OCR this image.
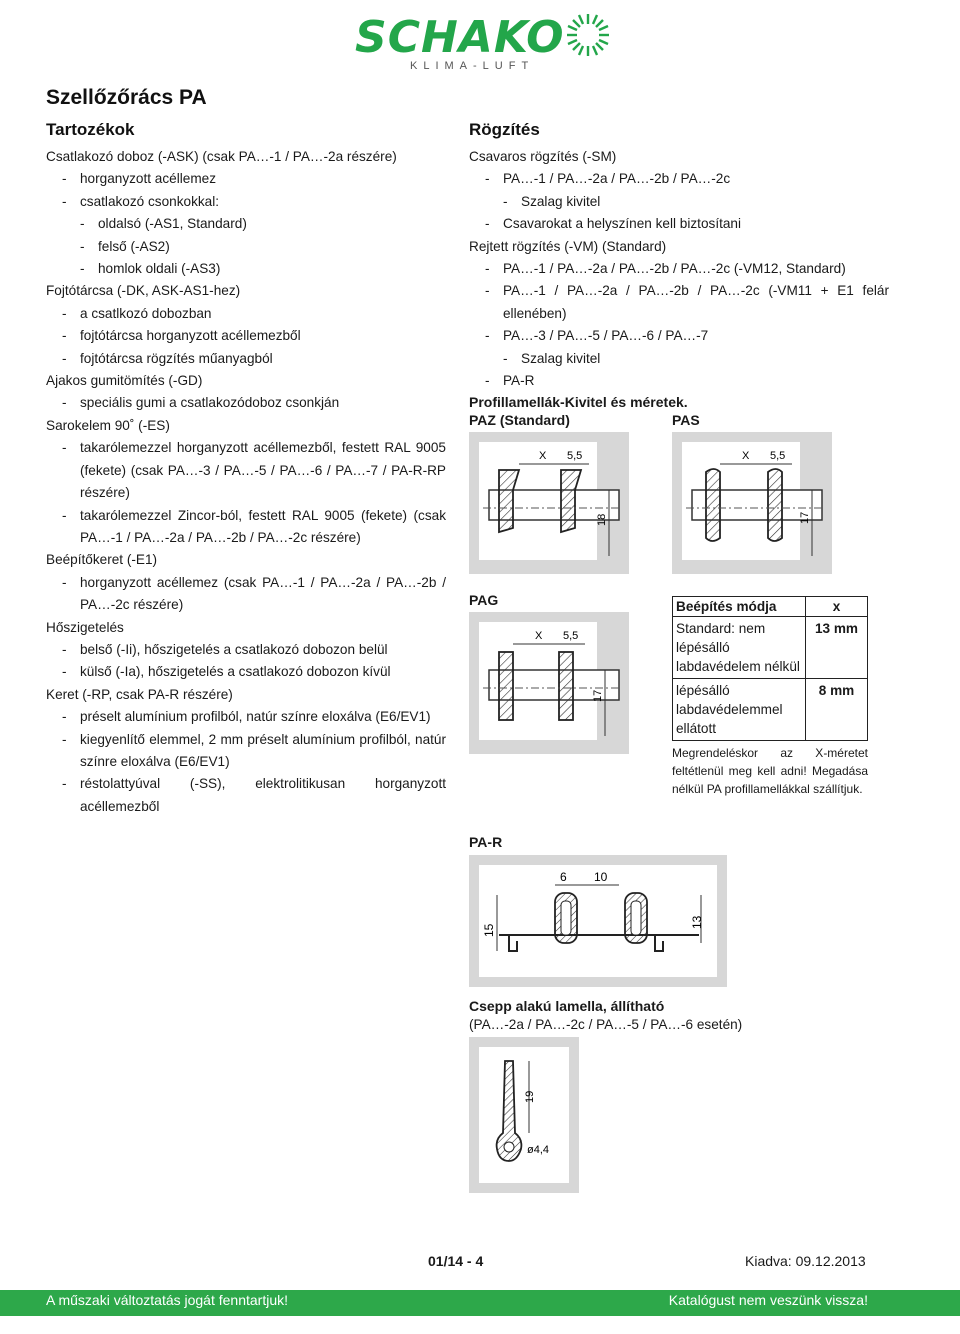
SCHAKO
KLIMA-LUFT
Szellőzőrács PA
Tartozékok
Csatlakozó doboz (-ASK) (csak PA…-1 / PA…-2a részére)
- horganyzott acéllemez
- csatlakozó csonkokkal:
- oldalsó (-AS1, Standard)
- felső (-AS2)
- homlok oldali (-AS3)
Fojtótárcsa (-DK, ASK-AS1-hez)
- a csatlkozó dobozban
- fojtótárcsa horganyzott acéllemezből
- fojtótárcsa rögzítés műanyagból
Ajakos gumitömítés (-GD)
- speciális gumi a csatlakozódoboz csonkján
Sarokelem 90˚ (-ES)
- takarólemezzel horganyzott acéllemezből, festett RAL 9005 (fekete) (csak PA…-3 / PA…-5 / PA…-6 / PA…-7 / PA-R-RP részére)
- takarólemezzel Zincor-ból, festett RAL 9005 (fekete) (csak PA…-1 / PA…-2a / PA…-2b / PA…-2c részére)
Beépítőkeret (-E1)
- horganyzott acéllemez (csak PA…-1 / PA…-2a / PA…-2b / PA…-2c részére)
Hőszigetelés
- belső (-Ii), hőszigetelés a csatlakozó dobozon belül
- külső (-Ia), hőszigetelés a csatlakozó dobozon kívül
Keret (-RP, csak PA-R részére)
- préselt alumínium profilból, natúr színre eloxálva (E6/EV1)
- kiegyenlítő elemmel, 2 mm préselt alumínium profilból, natúr színre eloxálva (E6/EV1)
- réstolattyúval (-SS), elektrolitikusan horganyzott acéllemezből
Rögzítés
Csavaros rögzítés (-SM)
- PA…-1 / PA…-2a / PA…-2b / PA…-2c
- Szalag kivitel
- Csavarokat a helyszínen kell biztosítani
Rejtett rögzítés (-VM) (Standard)
- PA…-1 / PA…-2a / PA…-2b / PA…-2c (-VM12, Standard)
- PA…-1 / PA…-2a / PA…-2b / PA…-2c (-VM11 + E1 felár ellenében)
- PA…-3 / PA…-5 / PA…-6 / PA…-7
- Szalag kivitel
- PA-R
Profillamellák-Kivitel és méretek.
PAZ (Standard)	PAS
X 5,5
18
X 5,5
17
PAG
X 5,5
17
Beépítés módja	x
Standard: nem lépésálló labdavédelem nélkül	13 mm
lépésálló labdavédelemmel ellátott	8 mm
Megrendeléskor az X-méretet feltétlenül meg kell adni! Megadása nélkül PA profillamellákkal szállítjuk.
PA-R
6 10
15
13
Csepp alakú lamella, állítható
(PA…-2a / PA…-2c / PA…-5 / PA…-6 esetén)
19
ø4,4
01/14 - 4	Kiadva: 09.12.2013
A műszaki változtatás jogát fenntartjuk!	Katalógust nem veszünk vissza!
